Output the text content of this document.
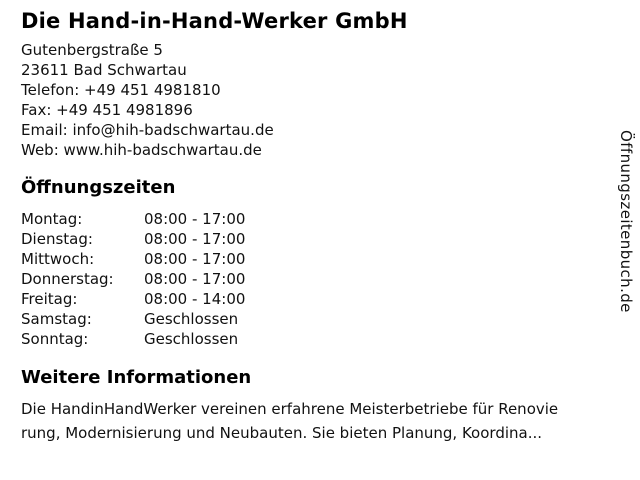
Die Hand-in-Hand-Werker GmbH
Gutenbergstraße 5
23611 Bad Schwartau
Telefon: +49 451 4981810
Fax: +49 451 4981896
Email: info@hih-badschwartau.de
Web: www.hih-badschwartau.de
Öffnungszeiten
Montag:	08:00 - 17:00
Dienstag:	08:00 - 17:00
Mittwoch:	08:00 - 17:00
Donnerstag:	08:00 - 17:00
Freitag:	08:00 - 14:00
Samstag:	Geschlossen
Sonntag:	Geschlossen
Weitere Informationen
Die HandinHandWerker vereinen erfahrene Meisterbetriebe für Renovie
rung, Modernisierung und Neubauten. Sie bieten Planung, Koordina...
Öffnungszeitenbuch.de
